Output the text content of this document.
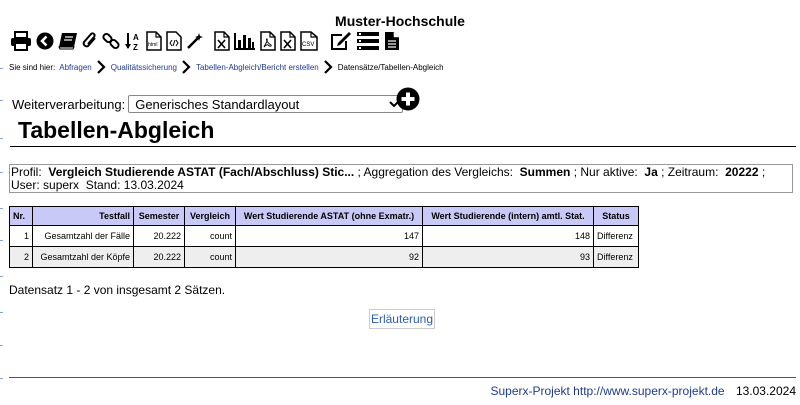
Muster-Hochschule
A
Z html	CSV
Sie sind hier: Abfragen Qualitätssicherung Tabellen-Abgleich/Bericht erstellen Datensätze/Tabellen-Abgleich
Weiterverarbeitung:
Generisches Standardlayout
Tabellen-Abgleich
Profil: Vergleich Studierende ASTAT (Fach/Abschluss) Stic... ; Aggregation des Vergleichs: Summen ; Nur aktive: Ja ; Zeitraum: 20222 ; User: superx Stand: 13.03.2024
Nr.	Testfall	Semester	Vergleich	Wert Studierende ASTAT (ohne Exmatr.)	Wert Studierende (intern) amtl. Stat.	Status
1	Gesamtzahl der Fälle	20.222	count	147	148	Differenz
2	Gesamtzahl der Köpfe	20.222	count	92	93	Differenz
Datensatz 1 - 2 von insgesamt 2 Sätzen.
Erläuterung
Superx-Projekt http://www.superx-projekt.de 13.03.2024
